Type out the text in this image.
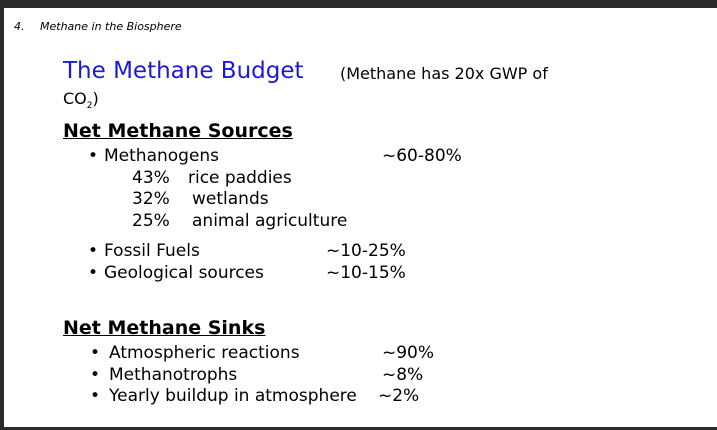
4. Methane in the Biosphere
The Methane Budget (Methane has 20x GWP of
$CO_2$)
Net Methane Sources
• Methanogens	~60-80%
43% rice paddies
32% wetlands
25% animal agriculture
• Fossil Fuels	~10-25%
• Geological sources	~10-15%
Net Methane Sinks
• Atmospheric reactions	~90%
• Methanotrophs	~8%
• Yearly buildup in atmosphere ~2%
